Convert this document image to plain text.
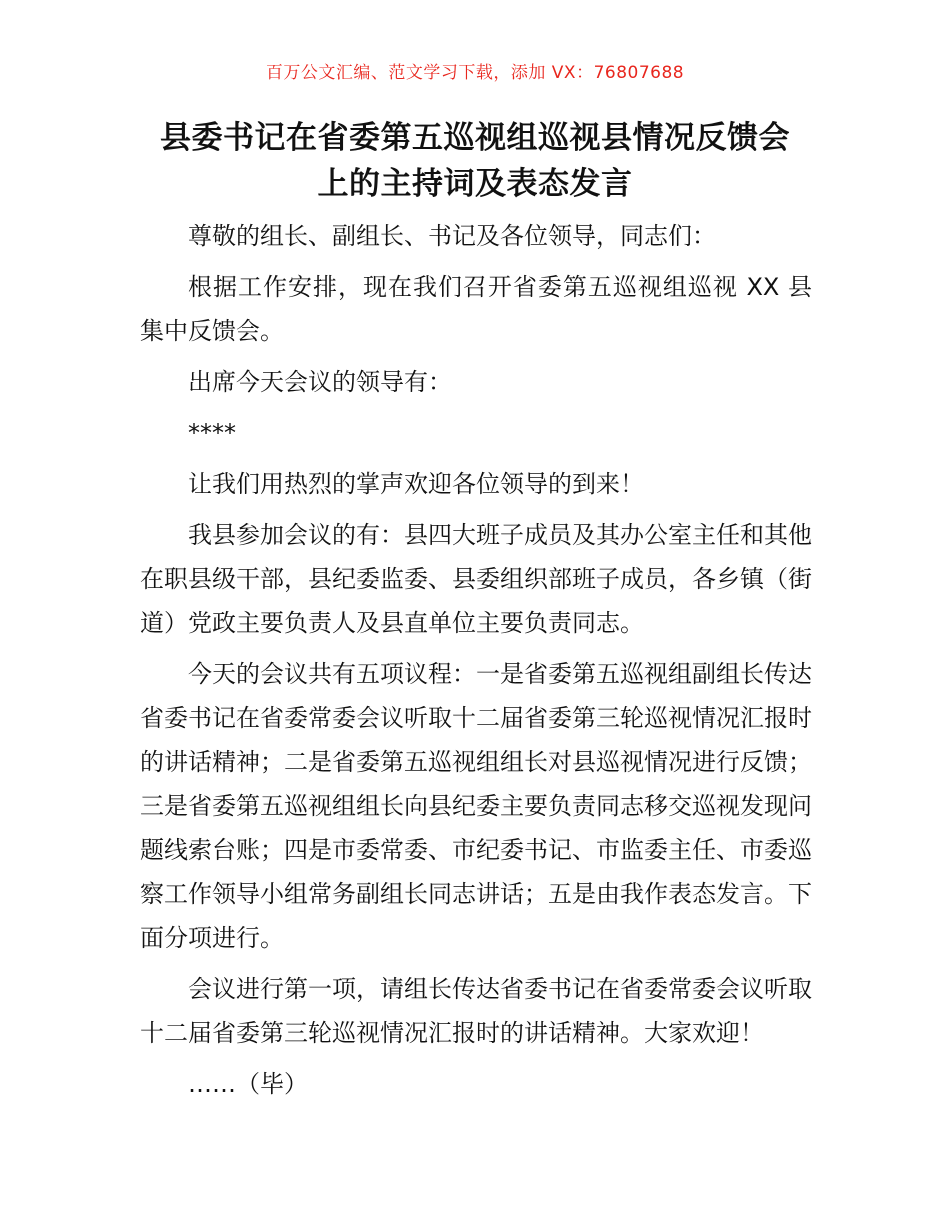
百万公文汇编、范文学习下载，添加 VX：76807688
县委书记在省委第五巡视组巡视县情况反馈会
上的主持词及表态发言

尊敬的组长、副组长、书记及各位领导，同志们：

根据工作安排，现在我们召开省委第五巡视组巡视 XX 县集中反馈会。

出席今天会议的领导有：

****

让我们用热烈的掌声欢迎各位领导的到来！

我县参加会议的有：县四大班子成员及其办公室主任和其他在职县级干部，县纪委监委、县委组织部班子成员，各乡镇（街道）党政主要负责人及县直单位主要负责同志。

今天的会议共有五项议程：一是省委第五巡视组副组长传达省委书记在省委常委会议听取十二届省委第三轮巡视情况汇报时的讲话精神；二是省委第五巡视组组长对县巡视情况进行反馈；三是省委第五巡视组组长向县纪委主要负责同志移交巡视发现问题线索台账；四是市委常委、市纪委书记、市监委主任、市委巡察工作领导小组常务副组长同志讲话；五是由我作表态发言。下面分项进行。

会议进行第一项，请组长传达省委书记在省委常委会议听取十二届省委第三轮巡视情况汇报时的讲话精神。大家欢迎！

……（毕）
